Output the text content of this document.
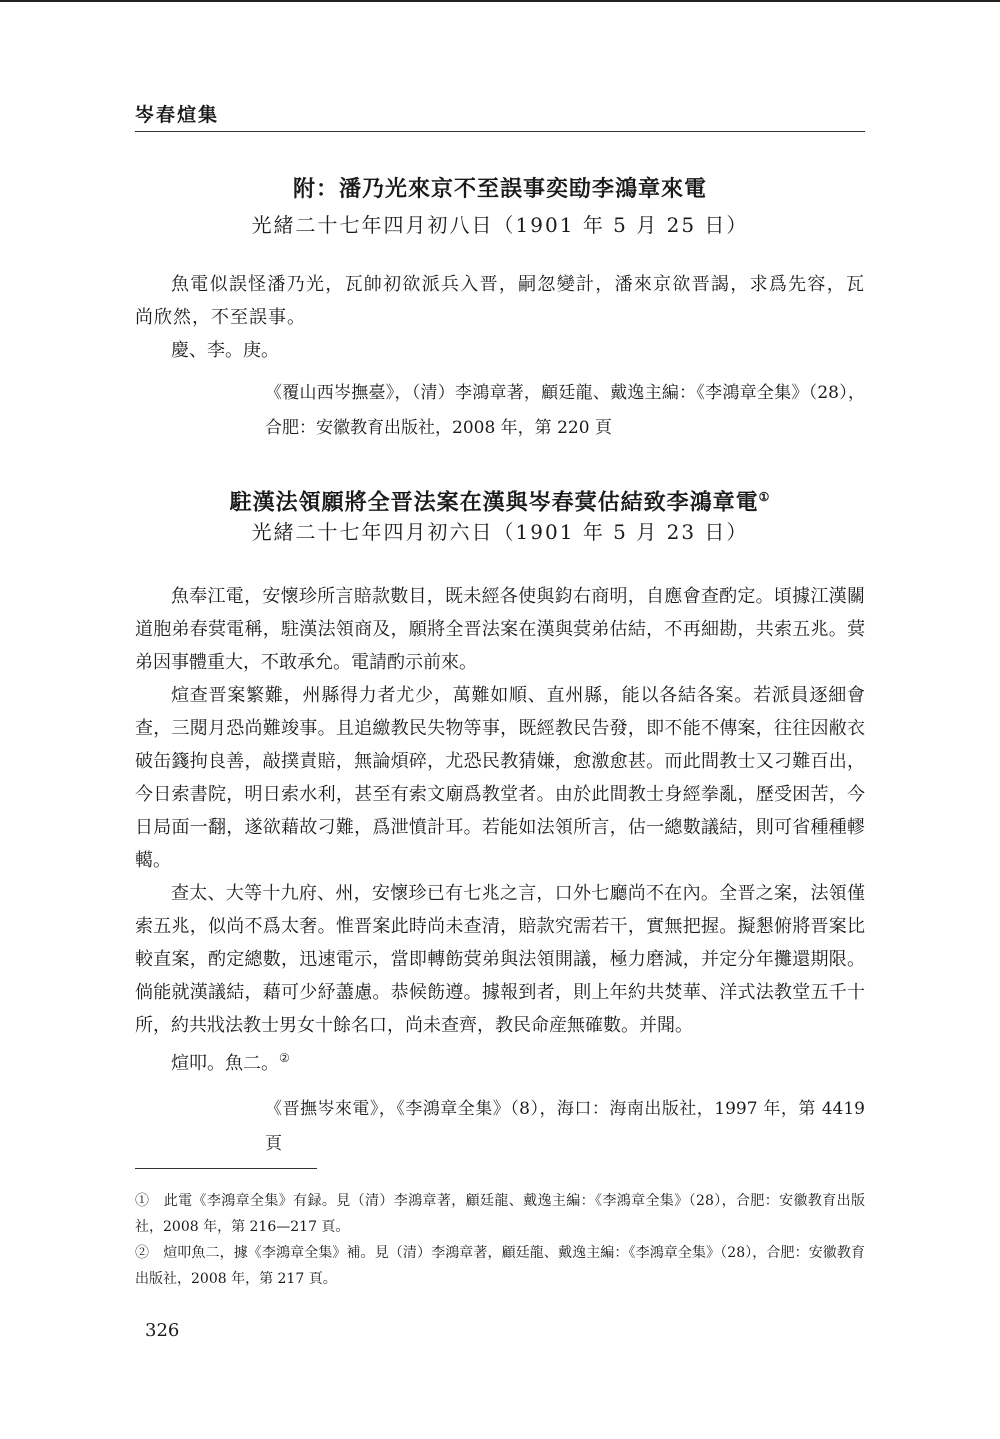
岑春煊集
附：潘乃光來京不至誤事奕劻李鴻章來電
光緒二十七年四月初八日（1901 年 5 月 25 日）

魚電似誤怪潘乃光，瓦帥初欲派兵入晋，嗣忽變計，潘來京欲晋謁，求爲先容，瓦尚欣然，不至誤事。

慶、李。庚。

《覆山西岑撫臺》，（清）李鴻章著，顧廷龍、戴逸主編：《李鴻章全集》（28），合肥：安徽教育出版社，2008 年，第 220 頁
駐漢法領願將全晋法案在漢與岑春蓂估結致李鴻章電①
光緒二十七年四月初六日（1901 年 5 月 23 日）

魚奉江電，安懷珍所言賠款數目，既未經各使與鈞右商明，自應會查酌定。頃據江漢關道胞弟春蓂電稱，駐漢法領商及，願將全晋法案在漢與蓂弟估結，不再細勘，共索五兆。蓂弟因事體重大，不敢承允。電請酌示前來。

煊查晋案繁難，州縣得力者尤少，萬難如順、直州縣，能以各結各案。若派員逐細會查，三閱月恐尚難竣事。且追繳教民失物等事，既經教民告發，即不能不傳案，往往因敝衣破缶籛拘良善，敲撲責賠，無論煩碎，尤恐民教猜嫌，愈激愈甚。而此間教士又刁難百出，今日索書院，明日索水利，甚至有索文廟爲教堂者。由於此間教士身經拳亂，歷受困苦，今日局面一翻，遂欲藉故刁難，爲泄憤計耳。若能如法領所言，估一總數議結，則可省種種轇轕。

查太、大等十九府、州，安懷珍已有七兆之言，口外七廳尚不在內。全晋之案，法領僅索五兆，似尚不爲太奢。惟晋案此時尚未查清，賠款究需若干，實無把握。擬懇俯將晋案比較直案，酌定總數，迅速電示，當即轉飭蓂弟與法領開議，極力磨減，并定分年攤還期限。倘能就漢議結，藉可少紓藎慮。恭候飭遵。據報到者，則上年約共焚華、洋式法教堂五千十所，約共戕法教士男女十餘名口，尚未查齊，教民命産無確數。并聞。

煊叩。魚二。②

《晋撫岑來電》，《李鴻章全集》（8），海口：海南出版社，1997 年，第 4419 頁
①　此電《李鴻章全集》有録。見（清）李鴻章著，顧廷龍、戴逸主編：《李鴻章全集》（28），合肥：安徽教育出版社，2008 年，第 216—217 頁。
②　煊叩魚二，據《李鴻章全集》補。見（清）李鴻章著，顧廷龍、戴逸主編：《李鴻章全集》（28），合肥：安徽教育出版社，2008 年，第 217 頁。
326
